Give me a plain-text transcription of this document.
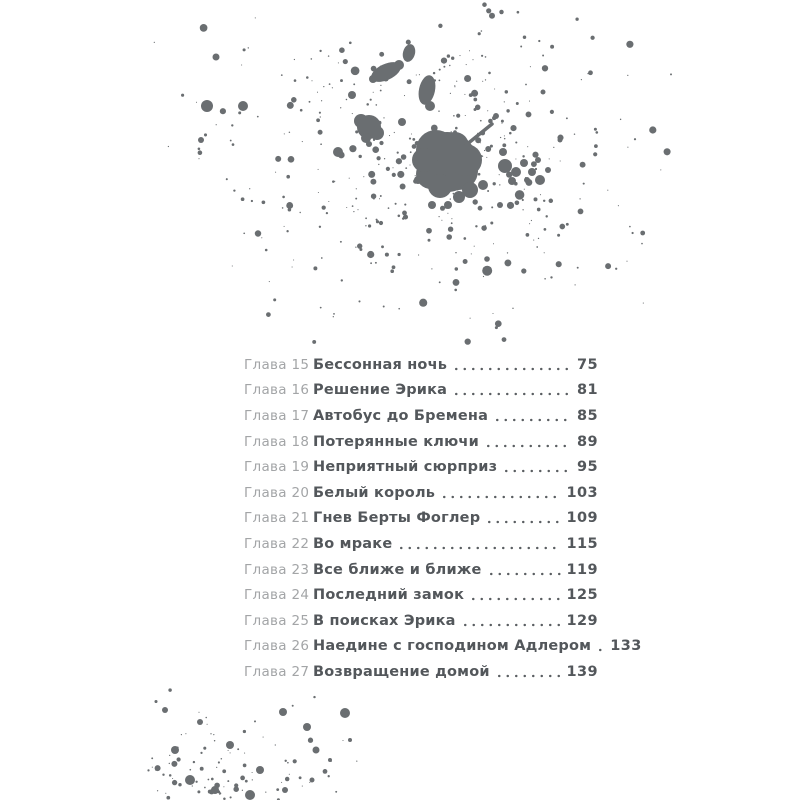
Глава 15 Бессонная ночь	75
Глава 16 Решение Эрика	81
Глава 17 Автобус до Бремена	85
Глава 18 Потерянные ключи	89
Глава 19 Неприятный сюрприз	95
Глава 20 Белый король	103
Глава 21 Гнев Берты Фоглер	109
Глава 22 Во мраке	115
Глава 23 Все ближе и ближе	119
Глава 24 Последний замок	125
Глава 25 В поисках Эрика	129
Глава 26 Наедине с господином Адлером 133
Глава 27 Возвращение домой	139
